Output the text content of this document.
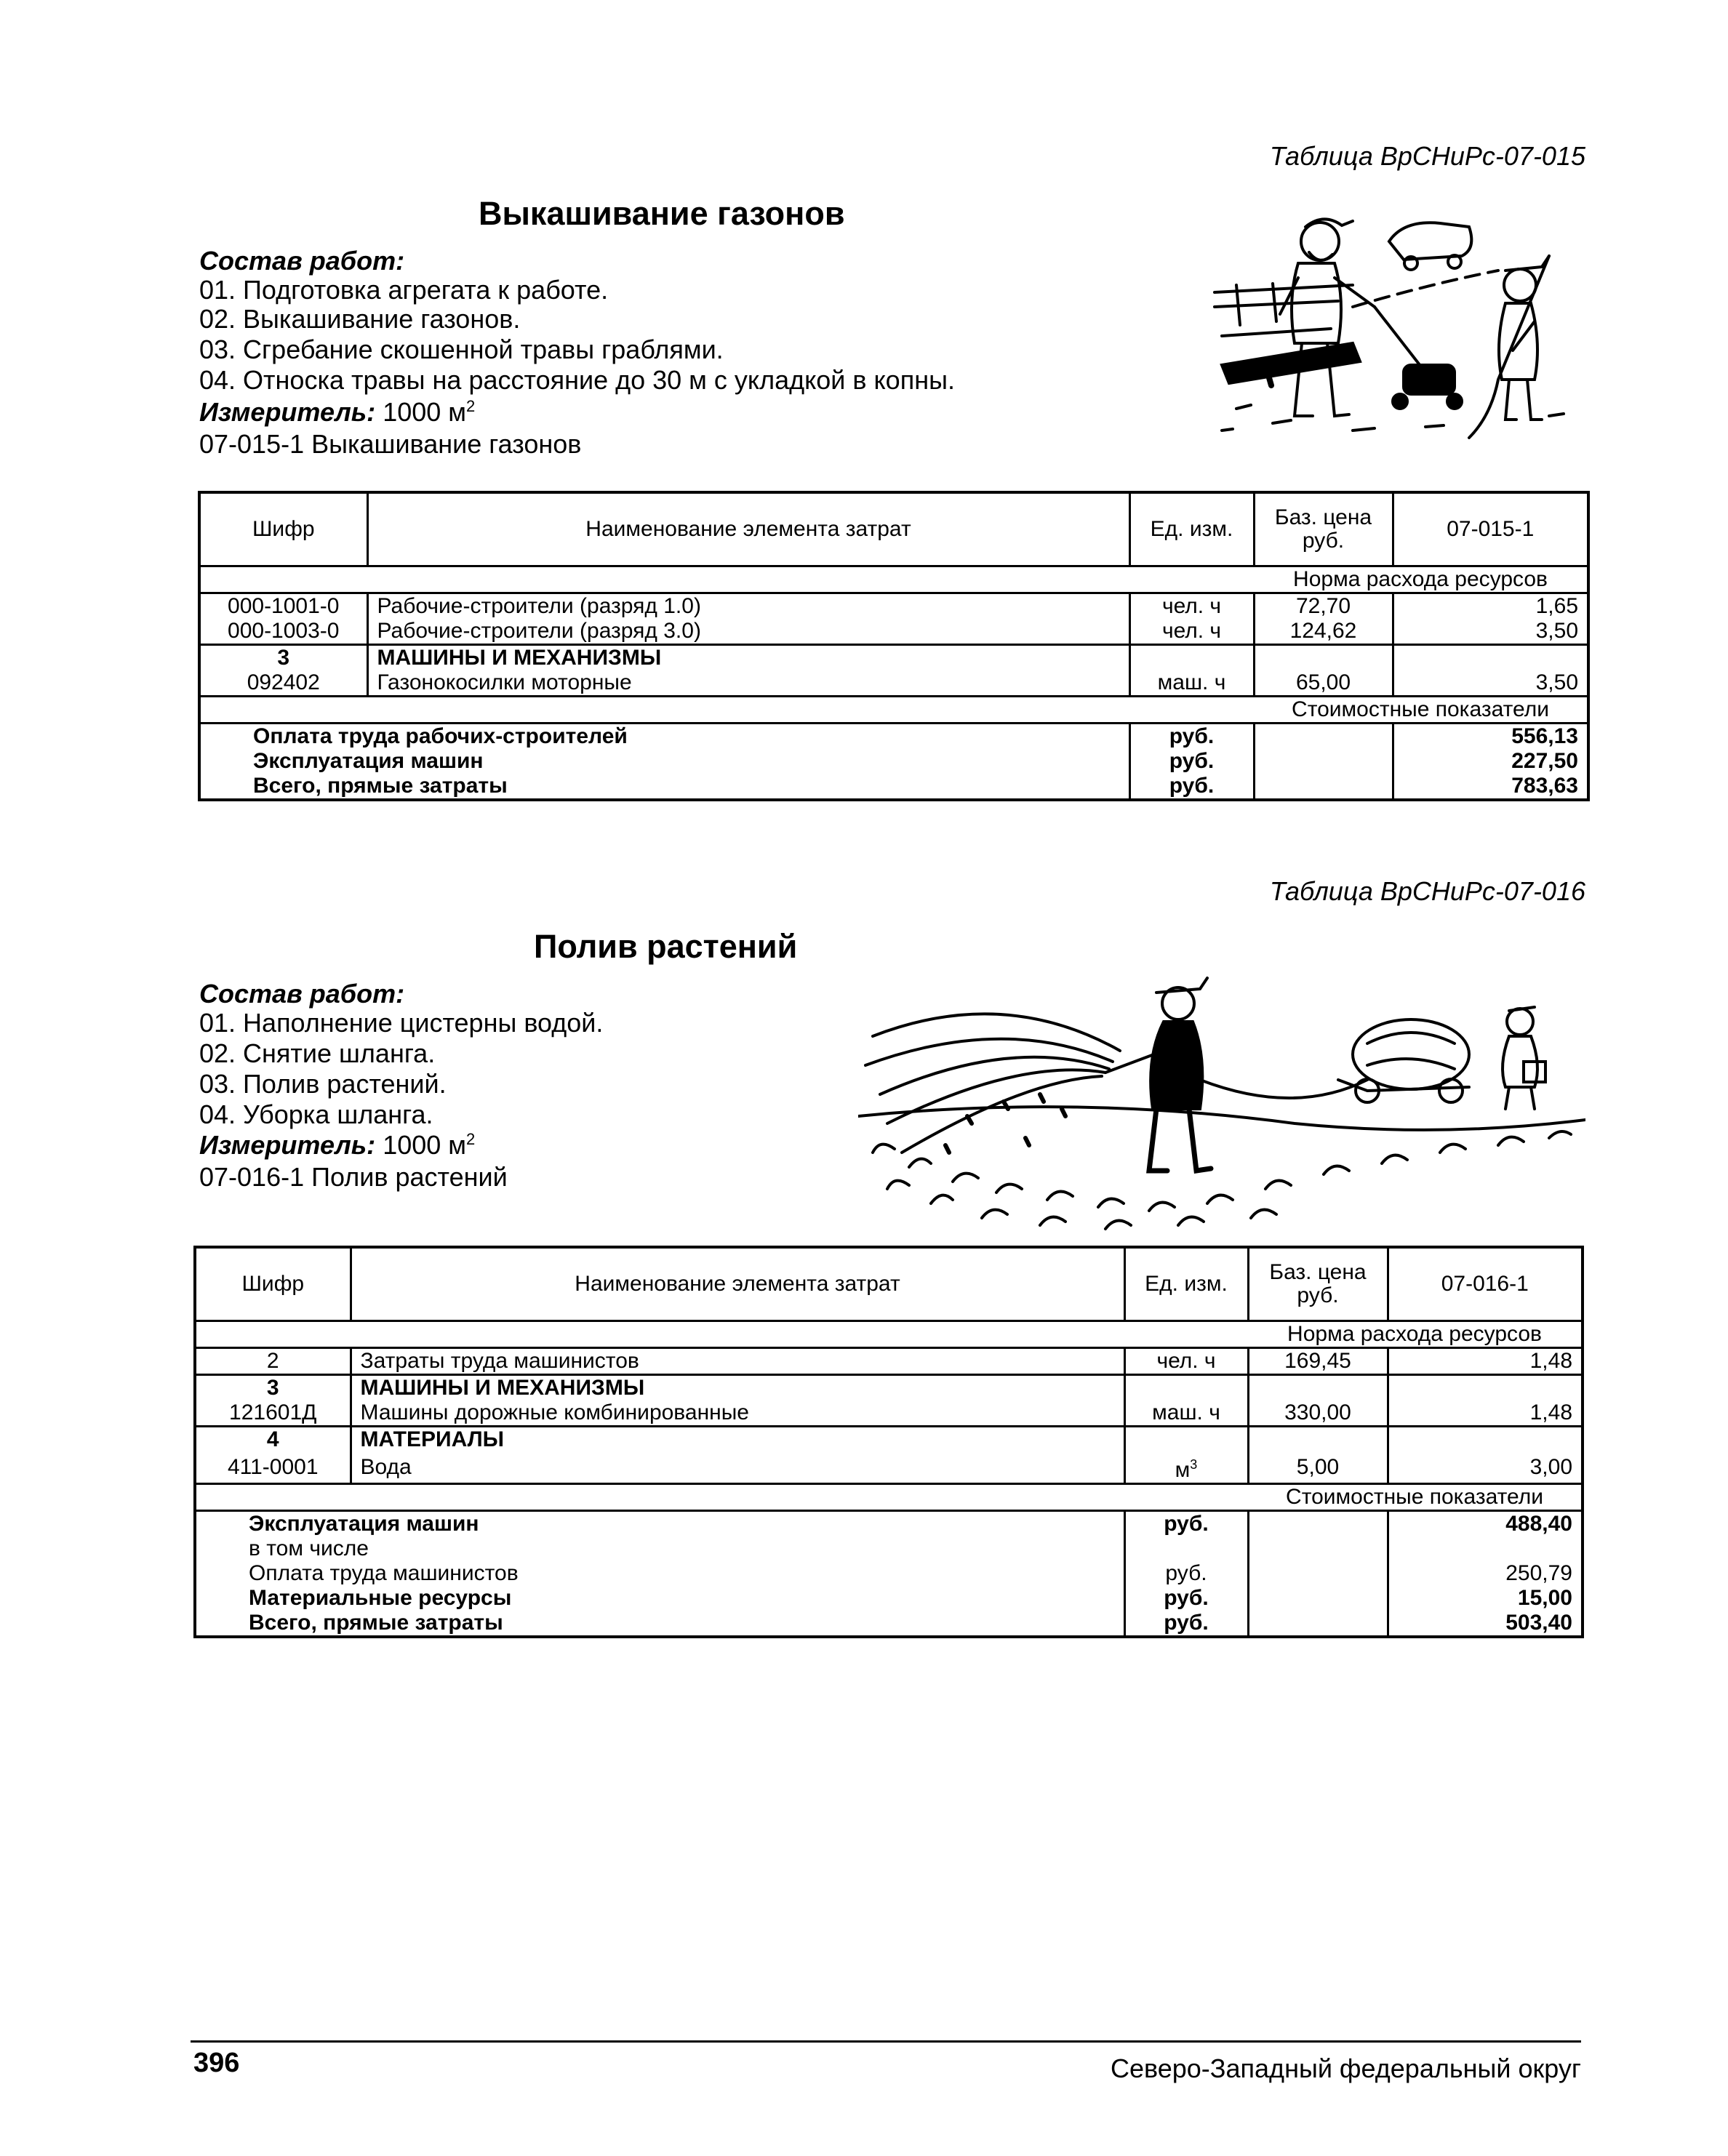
Таблица ВрСНиРс-07-015
Выкашивание газонов
Состав работ:
01. Подготовка агрегата к работе.
02. Выкашивание газонов.
03. Сгребание скошенной травы граблями.
04. Относка травы на расстояние до 30 м с укладкой в копны.
Измеритель: 1000 $м^2$
07-015-1 Выкашивание газонов
Шифр	Наименование элемента затрат	Ед. изм.	Баз. цена руб.	07-015-1
			Норма расхода ресурсов	
000-1001-0	Рабочие-строители (разряд 1.0)	чел. ч	72,70	1,65
000-1003-0	Рабочие-строители (разряд 3.0)	чел. ч	124,62	3,50
3	МАШИНЫ И МЕХАНИЗМЫ			
092402	Газонокосилки моторные	маш. ч	65,00	3,50
			Стоимостные показатели	
Оплата труда рабочих-строителей		руб.		556,13
Эксплуатация машин		руб.		227,50
Всего, прямые затраты		руб.		783,63
Таблица ВрСНиРс-07-016
Полив растений
Состав работ:
01. Наполнение цистерны водой.
02. Снятие шланга.
03. Полив растений.
04. Уборка шланга.
Измеритель: 1000 $м^2$
07-016-1 Полив растений
Шифр	Наименование элемента затрат	Ед. изм.	Баз. цена руб.	07-016-1
			Норма расхода ресурсов	
2	Затраты труда машинистов	чел. ч	169,45	1,48
3	МАШИНЫ И МЕХАНИЗМЫ			
121601Д	Машины дорожные комбинированные	маш. ч	330,00	1,48
4	МАТЕРИАЛЫ			
411-0001	Вода	$м^3$	5,00	3,00
			Стоимостные показатели	
Эксплуатация машин		руб.		488,40
в том числе				
Оплата труда машинистов		руб.		250,79
Материальные ресурсы		руб.		15,00
Всего, прямые затраты		руб.		503,40
396	Северо-Западный федеральный округ
